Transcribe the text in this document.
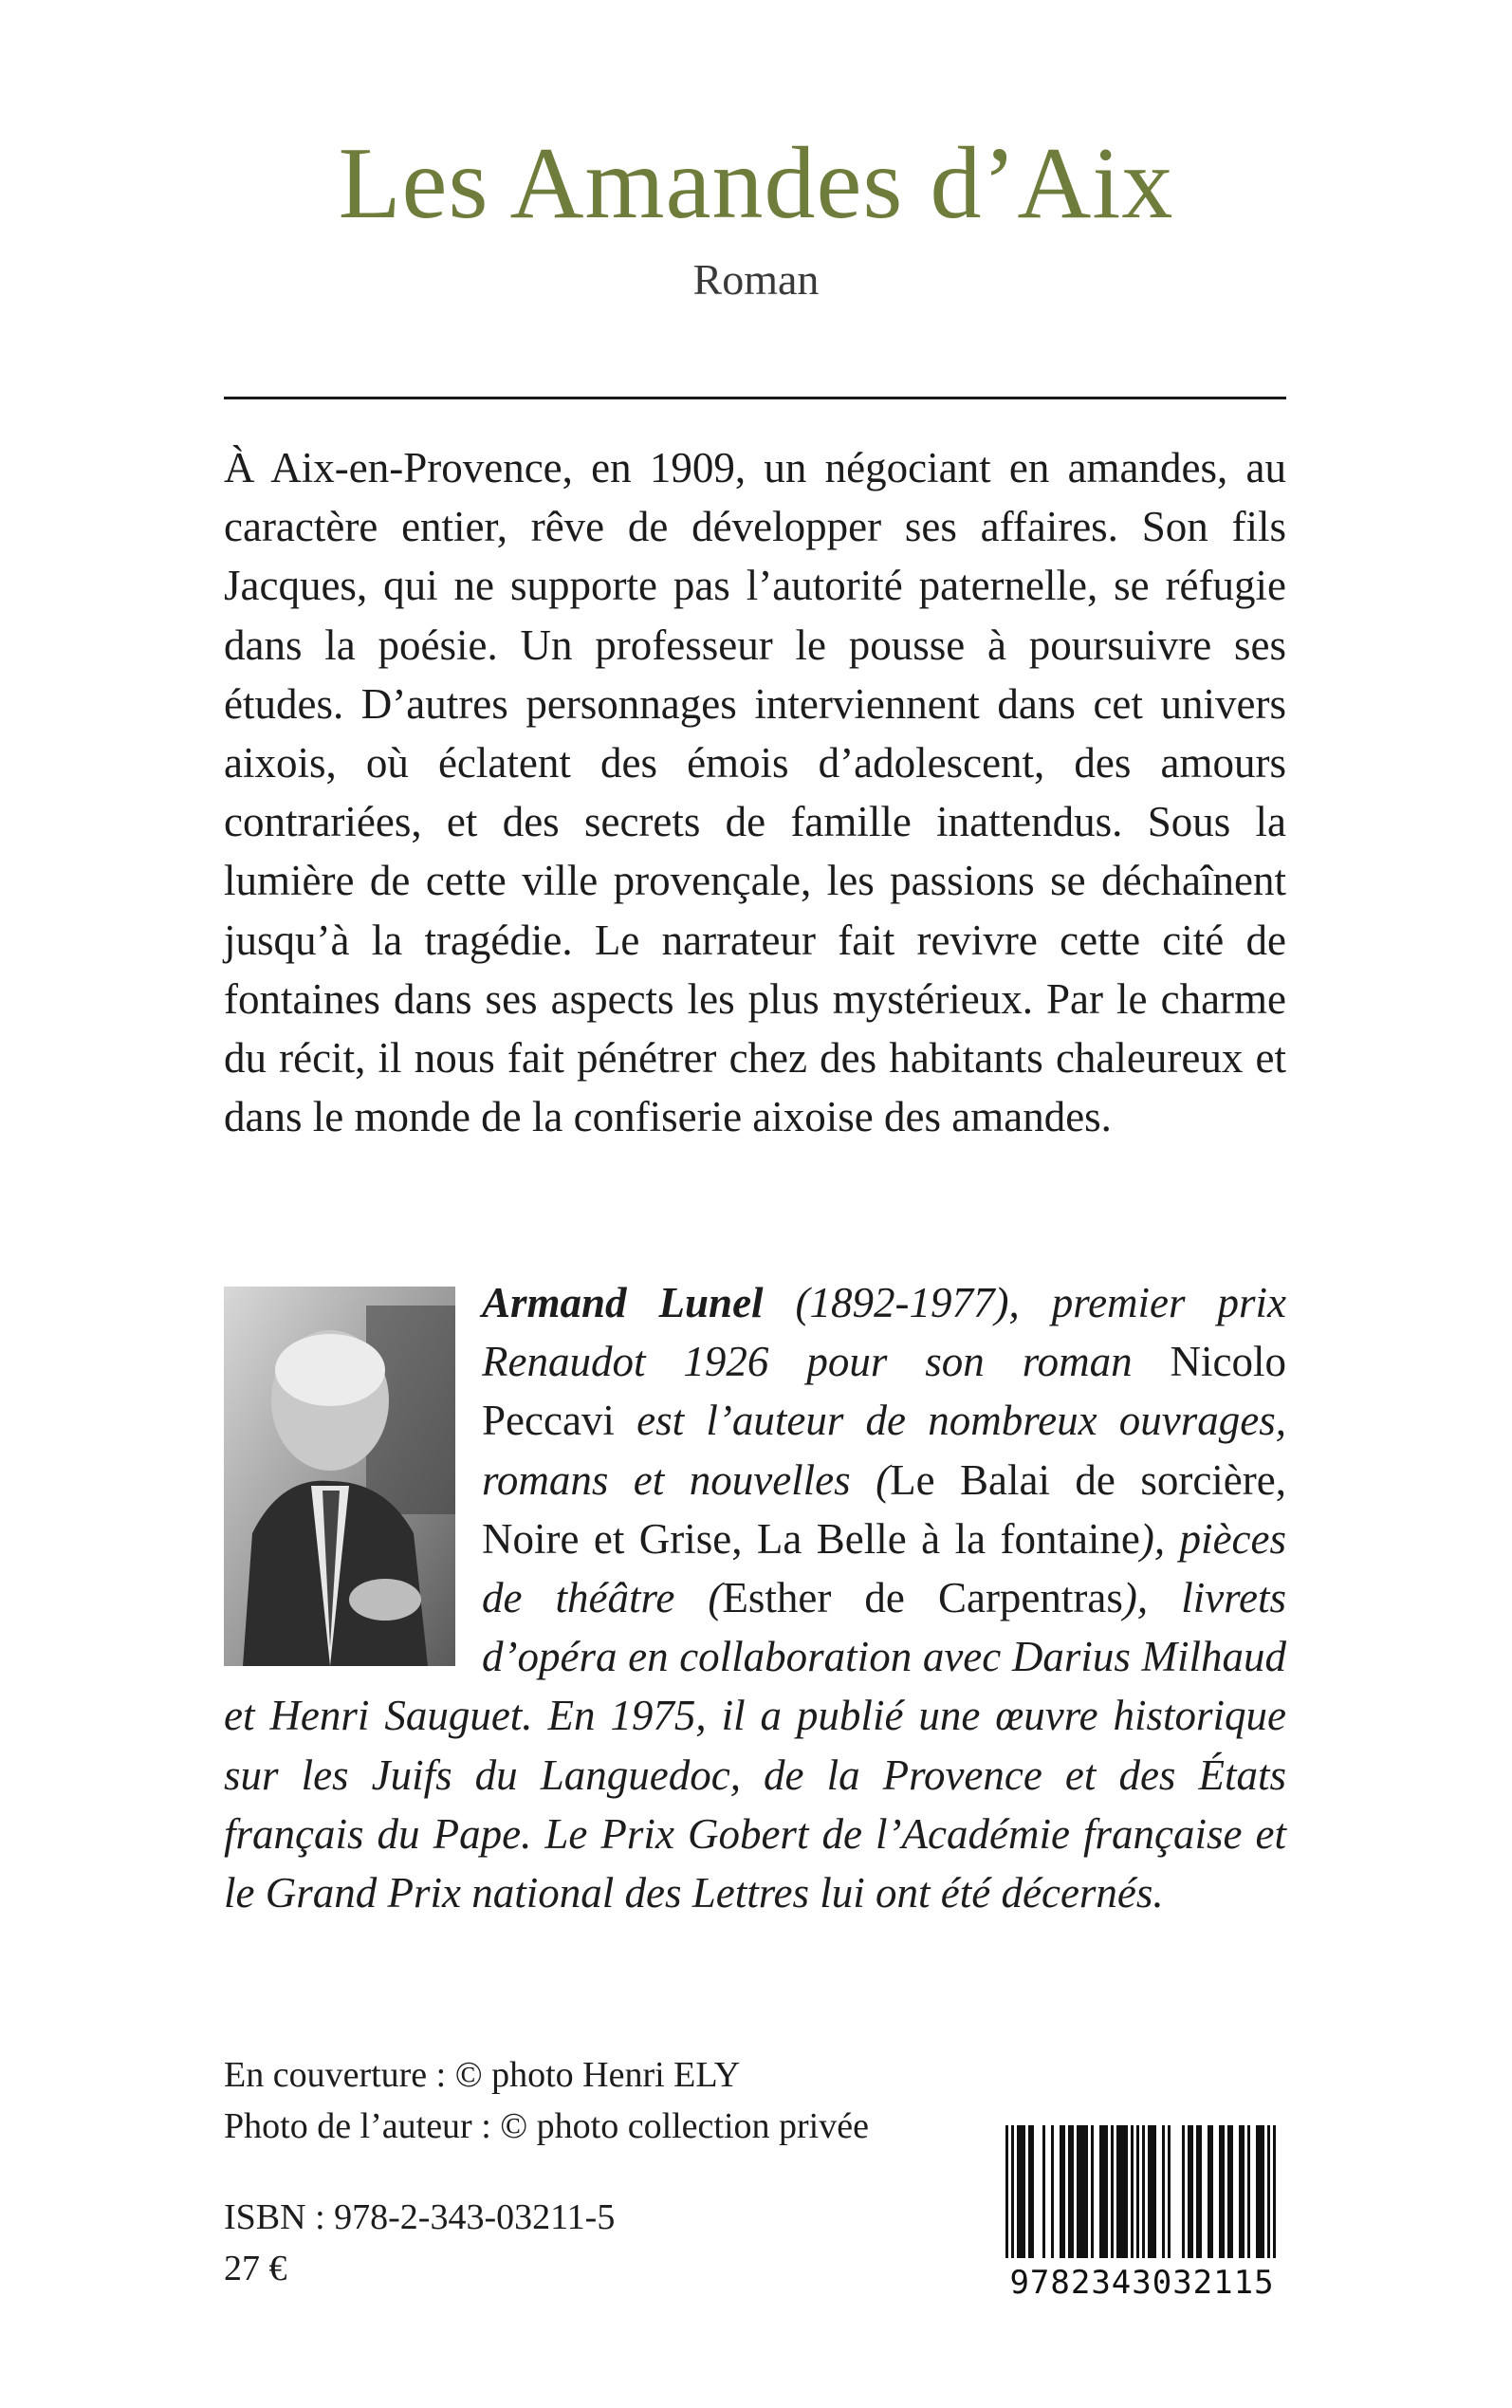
Les Amandes d’Aix
Roman
À Aix-en-Provence, en 1909, un négociant en amandes, au caractère entier, rêve de développer ses affaires. Son fils Jacques, qui ne supporte pas l’autorité paternelle, se réfugie dans la poésie. Un professeur le pousse à poursuivre ses études. D’autres personnages interviennent dans cet univers aixois, où éclatent des émois d’adolescent, des amours contrariées, et des secrets de famille inattendus. Sous la lumière de cette ville provençale, les passions se déchaînent jusqu’à la tragédie. Le narrateur fait revivre cette cité de fontaines dans ses aspects les plus mystérieux. Par le charme du récit, il nous fait pénétrer chez des habitants chaleureux et dans le monde de la confiserie aixoise des amandes.
Armand Lunel (1892-1977), premier prix Renaudot 1926 pour son roman Nicolo Peccavi est l’auteur de nombreux ouvrages, romans et nouvelles (Le Balai de sorcière, Noire et Grise, La Belle à la fontaine), pièces de théâtre (Esther de Carpentras), livrets d’opéra en collaboration avec Darius Milhaud et Henri Sauguet. En 1975, il a publié une œuvre historique sur les Juifs du Languedoc, de la Provence et des États français du Pape. Le Prix Gobert de l’Académie française et le Grand Prix national des Lettres lui ont été décernés.
En couverture : © photo Henri ELY
Photo de l’auteur : © photo collection privée
ISBN : 978-2-343-03211-5
27 €	9782343032115
